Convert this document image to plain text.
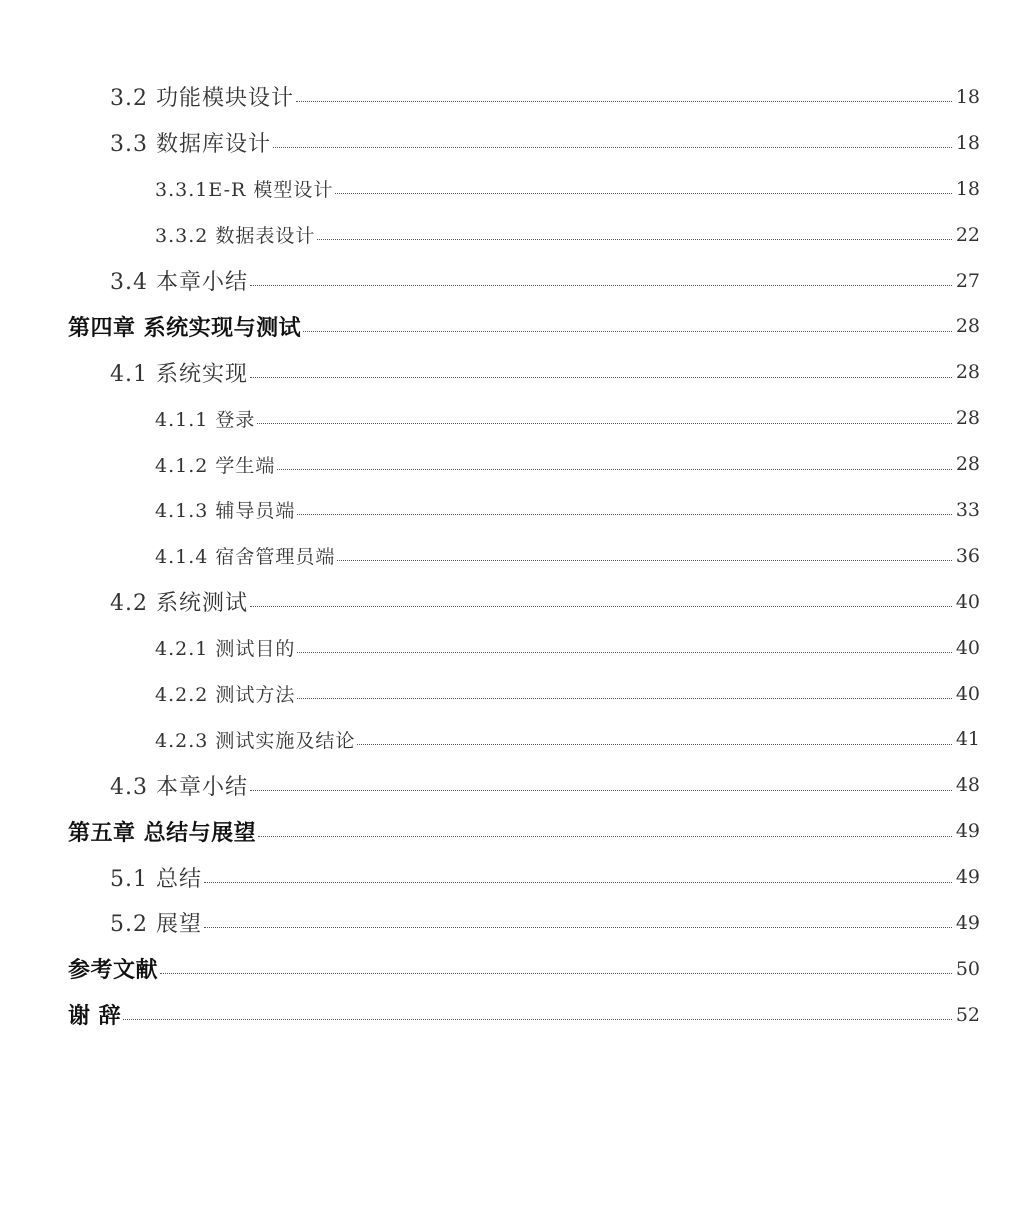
3.2 功能模块设计	18
3.3 数据库设计	18
3.3.1E-R 模型设计	18
3.3.2 数据表设计	22
3.4 本章小结	27
第四章 系统实现与测试	28
4.1 系统实现	28
4.1.1 登录	28
4.1.2 学生端	28
4.1.3 辅导员端	33
4.1.4 宿舍管理员端	36
4.2 系统测试	40
4.2.1 测试目的	40
4.2.2 测试方法	40
4.2.3 测试实施及结论	41
4.3 本章小结	48
第五章 总结与展望	49
5.1 总结	49
5.2 展望	49
参考文献	50
谢 辞	52
